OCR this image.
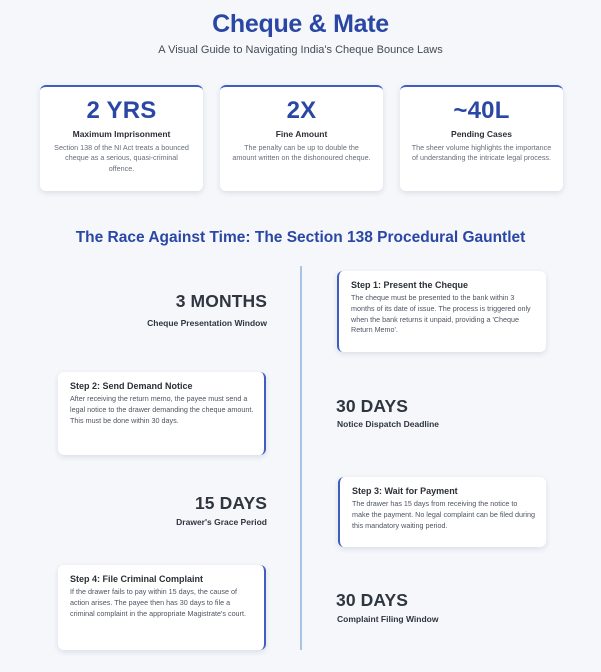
Cheque & Mate
A Visual Guide to Navigating India's Cheque Bounce Laws
2 YRS
Maximum Imprisonment
Section 138 of the NI Act treats a bounced cheque as a serious, quasi-criminal offence.
2X
Fine Amount
The penalty can be up to double the amount written on the dishonoured cheque.
~40L
Pending Cases
The sheer volume highlights the importance of understanding the intricate legal process.
The Race Against Time: The Section 138 Procedural Gauntlet
3 MONTHS
Cheque Presentation Window
Step 1: Present the Cheque
The cheque must be presented to the bank within 3 months of its date of issue. The process is triggered only when the bank returns it unpaid, providing a 'Cheque Return Memo'.
Step 2: Send Demand Notice
After receiving the return memo, the payee must send a legal notice to the drawer demanding the cheque amount. This must be done within 30 days.
30 DAYS
Notice Dispatch Deadline
15 DAYS
Drawer's Grace Period
Step 3: Wait for Payment
The drawer has 15 days from receiving the notice to make the payment. No legal complaint can be filed during this mandatory waiting period.
Step 4: File Criminal Complaint
If the drawer fails to pay within 15 days, the cause of action arises. The payee then has 30 days to file a criminal complaint in the appropriate Magistrate's court.
30 DAYS
Complaint Filing Window
